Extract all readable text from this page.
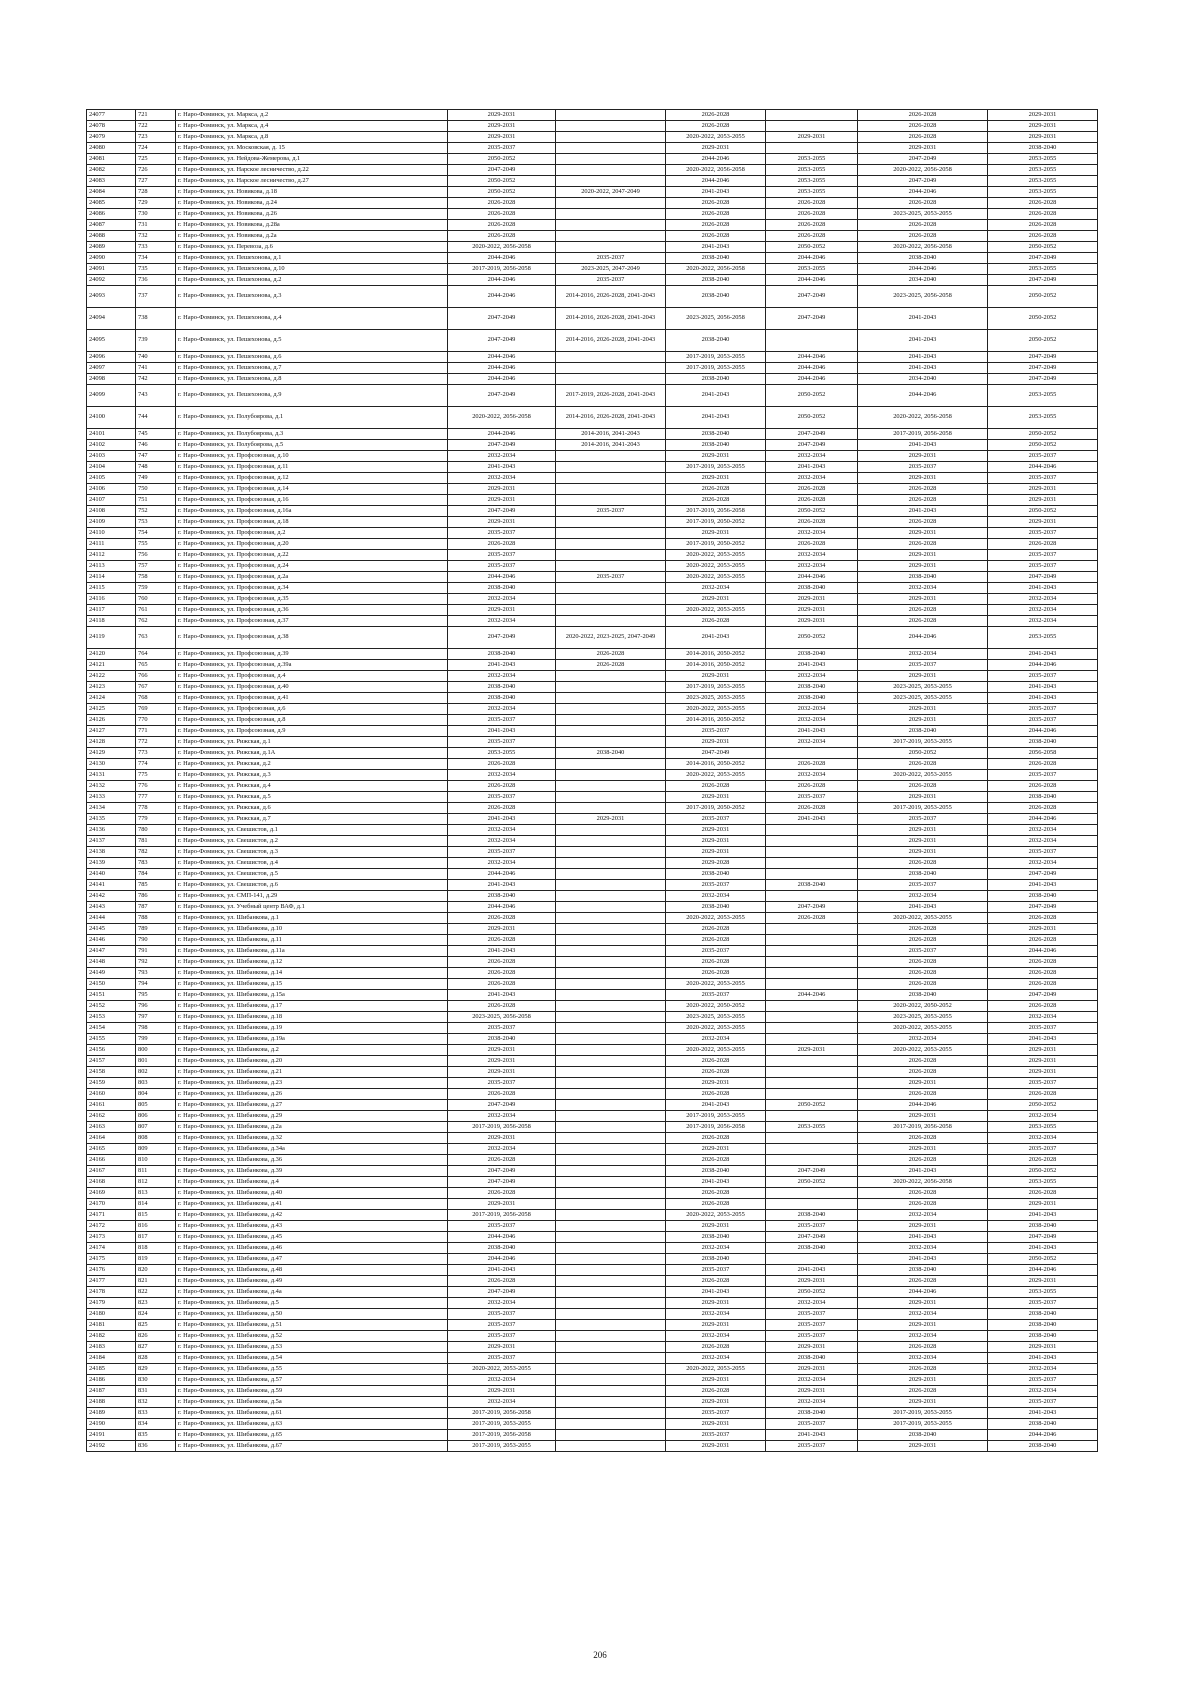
24077	721	г. Наро-Фоминск, ул. Маркса, д.2	2029-2031		2026-2028		2026-2028	2029-2031
24078	722	г. Наро-Фоминск, ул. Маркса, д.4	2029-2031		2026-2028		2026-2028	2029-2031
24079	723	г. Наро-Фоминск, ул. Маркса, д.8	2029-2031		2020-2022, 2053-2055	2029-2031	2026-2028	2029-2031
24080	724	г. Наро-Фоминск, ул. Московская, д. 15	2035-2037		2029-2031		2029-2031	2038-2040
24081	725	г. Наро-Фоминск, ул. Нейдова-Жемерова, д.1	2050-2052		2044-2046	2053-2055	2047-2049	2053-2055
24082	726	г. Наро-Фоминск, ул. Нарское лесничество, д.22	2047-2049		2020-2022, 2056-2058	2053-2055	2020-2022, 2056-2058	2053-2055
24083	727	г. Наро-Фоминск, ул. Нарское лесничество, д.27	2050-2052		2044-2046	2053-2055	2047-2049	2053-2055
24084	728	г. Наро-Фоминск, ул. Новикова, д.18	2050-2052	2020-2022, 2047-2049	2041-2043	2053-2055	2044-2046	2053-2055
24085	729	г. Наро-Фоминск, ул. Новикова, д.24	2026-2028		2026-2028	2026-2028	2026-2028	2026-2028
24086	730	г. Наро-Фоминск, ул. Новикова, д.26	2026-2028		2026-2028	2026-2028	2023-2025, 2053-2055	2026-2028
24087	731	г. Наро-Фоминск, ул. Новикова, д.28а	2026-2028		2026-2028	2026-2028	2026-2028	2026-2028
24088	732	г. Наро-Фоминск, ул. Новикова, д.2а	2026-2028		2026-2028	2026-2028	2026-2028	2026-2028
24089	733	г. Наро-Фоминск, ул. Перевоза, д.6	2020-2022, 2056-2058		2041-2043	2050-2052	2020-2022, 2056-2058	2050-2052
24090	734	г. Наро-Фоминск, ул. Пешехонова, д.1	2044-2046	2035-2037	2038-2040	2044-2046	2038-2040	2047-2049
24091	735	г. Наро-Фоминск, ул. Пешехонова, д.10	2017-2019, 2056-2058	2023-2025, 2047-2049	2020-2022, 2056-2058	2053-2055	2044-2046	2053-2055
24092	736	г. Наро-Фоминск, ул. Пешехонова, д.2	2044-2046	2035-2037	2038-2040	2044-2046	2034-2040	2047-2049
24093	737	г. Наро-Фоминск, ул. Пешехонова, д.3	2044-2046	2014-2016, 2026-2028, 2041-2043	2038-2040	2047-2049	2023-2025, 2056-2058	2050-2052
24094	738	г. Наро-Фоминск, ул. Пешехонова, д.4	2047-2049	2014-2016, 2026-2028, 2041-2043	2023-2025, 2056-2058	2047-2049	2041-2043	2050-2052
24095	739	г. Наро-Фоминск, ул. Пешехонова, д.5	2047-2049	2014-2016, 2026-2028, 2041-2043	2038-2040		2041-2043	2050-2052
24096	740	г. Наро-Фоминск, ул. Пешехонова, д.6	2044-2046		2017-2019, 2053-2055	2044-2046	2041-2043	2047-2049
24097	741	г. Наро-Фоминск, ул. Пешехонова, д.7	2044-2046		2017-2019, 2053-2055	2044-2046	2041-2043	2047-2049
24098	742	г. Наро-Фоминск, ул. Пешехонова, д.8	2044-2046		2038-2040	2044-2046	2034-2040	2047-2049
24099	743	г. Наро-Фоминск, ул. Пешехонова, д.9	2047-2049	2017-2019, 2026-2028, 2041-2043	2041-2043	2050-2052	2044-2046	2053-2055
24100	744	г. Наро-Фоминск, ул. Полубоярова, д.1	2020-2022, 2056-2058	2014-2016, 2026-2028, 2041-2043	2041-2043	2050-2052	2020-2022, 2056-2058	2053-2055
24101	745	г. Наро-Фоминск, ул. Полубоярова, д.3	2044-2046	2014-2016, 2041-2043	2038-2040	2047-2049	2017-2019, 2056-2058	2050-2052
24102	746	г. Наро-Фоминск, ул. Полубоярова, д.5	2047-2049	2014-2016, 2041-2043	2038-2040	2047-2049	2041-2043	2050-2052
24103	747	г. Наро-Фоминск, ул. Профсоюзная, д.10	2032-2034		2029-2031	2032-2034	2029-2031	2035-2037
24104	748	г. Наро-Фоминск, ул. Профсоюзная, д.11	2041-2043		2017-2019, 2053-2055	2041-2043	2035-2037	2044-2046
24105	749	г. Наро-Фоминск, ул. Профсоюзная, д.12	2032-2034		2029-2031	2032-2034	2029-2031	2035-2037
24106	750	г. Наро-Фоминск, ул. Профсоюзная, д.14	2029-2031		2026-2028	2026-2028	2026-2028	2029-2031
24107	751	г. Наро-Фоминск, ул. Профсоюзная, д.16	2029-2031		2026-2028	2026-2028	2026-2028	2029-2031
24108	752	г. Наро-Фоминск, ул. Профсоюзная, д.16а	2047-2049	2035-2037	2017-2019, 2056-2058	2050-2052	2041-2043	2050-2052
24109	753	г. Наро-Фоминск, ул. Профсоюзная, д.18	2029-2031		2017-2019, 2050-2052	2026-2028	2026-2028	2029-2031
24110	754	г. Наро-Фоминск, ул. Профсоюзная, д.2	2035-2037		2029-2031	2032-2034	2029-2031	2035-2037
24111	755	г. Наро-Фоминск, ул. Профсоюзная, д.20	2026-2028		2017-2019, 2050-2052	2026-2028	2026-2028	2026-2028
24112	756	г. Наро-Фоминск, ул. Профсоюзная, д.22	2035-2037		2020-2022, 2053-2055	2032-2034	2029-2031	2035-2037
24113	757	г. Наро-Фоминск, ул. Профсоюзная, д.24	2035-2037		2020-2022, 2053-2055	2032-2034	2029-2031	2035-2037
24114	758	г. Наро-Фоминск, ул. Профсоюзная, д.2а	2044-2046	2035-2037	2020-2022, 2053-2055	2044-2046	2038-2040	2047-2049
24115	759	г. Наро-Фоминск, ул. Профсоюзная, д.34	2038-2040		2032-2034	2038-2040	2032-2034	2041-2043
24116	760	г. Наро-Фоминск, ул. Профсоюзная, д.35	2032-2034		2029-2031	2029-2031	2029-2031	2032-2034
24117	761	г. Наро-Фоминск, ул. Профсоюзная, д.36	2029-2031		2020-2022, 2053-2055	2029-2031	2026-2028	2032-2034
24118	762	г. Наро-Фоминск, ул. Профсоюзная, д.37	2032-2034		2026-2028	2029-2031	2026-2028	2032-2034
24119	763	г. Наро-Фоминск, ул. Профсоюзная, д.38	2047-2049	2020-2022, 2023-2025, 2047-2049	2041-2043	2050-2052	2044-2046	2053-2055
24120	764	г. Наро-Фоминск, ул. Профсоюзная, д.39	2038-2040	2026-2028	2014-2016, 2050-2052	2038-2040	2032-2034	2041-2043
24121	765	г. Наро-Фоминск, ул. Профсоюзная, д.39а	2041-2043	2026-2028	2014-2016, 2050-2052	2041-2043	2035-2037	2044-2046
24122	766	г. Наро-Фоминск, ул. Профсоюзная, д.4	2032-2034		2029-2031	2032-2034	2029-2031	2035-2037
24123	767	г. Наро-Фоминск, ул. Профсоюзная, д.40	2038-2040		2017-2019, 2053-2055	2038-2040	2023-2025, 2053-2055	2041-2043
24124	768	г. Наро-Фоминск, ул. Профсоюзная, д.41	2038-2040		2023-2025, 2053-2055	2038-2040	2023-2025, 2053-2055	2041-2043
24125	769	г. Наро-Фоминск, ул. Профсоюзная, д.6	2032-2034		2020-2022, 2053-2055	2032-2034	2029-2031	2035-2037
24126	770	г. Наро-Фоминск, ул. Профсоюзная, д.8	2035-2037		2014-2016, 2050-2052	2032-2034	2029-2031	2035-2037
24127	771	г. Наро-Фоминск, ул. Профсоюзная, д.9	2041-2043		2035-2037	2041-2043	2038-2040	2044-2046
24128	772	г. Наро-Фоминск, ул. Рижская, д.1	2035-2037		2029-2031	2032-2034	2017-2019, 2053-2055	2038-2040
24129	773	г. Наро-Фоминск, ул. Рижская, д.1А	2053-2055	2038-2040	2047-2049		2050-2052	2056-2058
24130	774	г. Наро-Фоминск, ул. Рижская, д.2	2026-2028		2014-2016, 2050-2052	2026-2028	2026-2028	2026-2028
24131	775	г. Наро-Фоминск, ул. Рижская, д.3	2032-2034		2020-2022, 2053-2055	2032-2034	2020-2022, 2053-2055	2035-2037
24132	776	г. Наро-Фоминск, ул. Рижская, д.4	2026-2028		2026-2028	2026-2028	2026-2028	2026-2028
24133	777	г. Наро-Фоминск, ул. Рижская, д.5	2035-2037		2029-2031	2035-2037	2029-2031	2038-2040
24134	778	г. Наро-Фоминск, ул. Рижская, д.6	2026-2028		2017-2019, 2050-2052	2026-2028	2017-2019, 2053-2055	2026-2028
24135	779	г. Наро-Фоминск, ул. Рижская, д.7	2041-2043	2029-2031	2035-2037	2041-2043	2035-2037	2044-2046
24136	780	г. Наро-Фоминск, ул. Свешистов, д.1	2032-2034		2029-2031		2029-2031	2032-2034
24137	781	г. Наро-Фоминск, ул. Свешистов, д.2	2032-2034		2029-2031		2029-2031	2032-2034
24138	782	г. Наро-Фоминск, ул. Свешистов, д.3	2035-2037		2029-2031		2029-2031	2035-2037
24139	783	г. Наро-Фоминск, ул. Свешистов, д.4	2032-2034		2029-2028		2026-2028	2032-2034
24140	784	г. Наро-Фоминск, ул. Свешистов, д.5	2044-2046		2038-2040		2038-2040	2047-2049
24141	785	г. Наро-Фоминск, ул. Свешистов, д.6	2041-2043		2035-2037	2038-2040	2035-2037	2041-2043
24142	786	г. Наро-Фоминск, ул. СМП-141, д.29	2038-2040		2032-2034		2032-2034	2038-2040
24143	787	г. Наро-Фоминск, ул. Учебный центр ВАФ, д.1	2044-2046		2038-2040	2047-2049	2041-2043	2047-2049
24144	788	г. Наро-Фоминск, ул. Шибанкова, д.1	2026-2028		2020-2022, 2053-2055	2026-2028	2020-2022, 2053-2055	2026-2028
24145	789	г. Наро-Фоминск, ул. Шибанкова, д.10	2029-2031		2026-2028		2026-2028	2029-2031
24146	790	г. Наро-Фоминск, ул. Шибанкова, д.11	2026-2028		2026-2028		2026-2028	2026-2028
24147	791	г. Наро-Фоминск, ул. Шибанкова, д.11а	2041-2043		2035-2037		2035-2037	2044-2046
24148	792	г. Наро-Фоминск, ул. Шибанкова, д.12	2026-2028		2026-2028		2026-2028	2026-2028
24149	793	г. Наро-Фоминск, ул. Шибанкова, д.14	2026-2028		2026-2028		2026-2028	2026-2028
24150	794	г. Наро-Фоминск, ул. Шибанкова, д.15	2026-2028		2020-2022, 2053-2055		2026-2028	2026-2028
24151	795	г. Наро-Фоминск, ул. Шибанкова, д.15а	2041-2043		2035-2037	2044-2046	2038-2040	2047-2049
24152	796	г. Наро-Фоминск, ул. Шибанкова, д.17	2026-2028		2020-2022, 2050-2052		2020-2022, 2050-2052	2026-2028
24153	797	г. Наро-Фоминск, ул. Шибанкова, д.18	2023-2025, 2056-2058		2023-2025, 2053-2055		2023-2025, 2053-2055	2032-2034
24154	798	г. Наро-Фоминск, ул. Шибанкова, д.19	2035-2037		2020-2022, 2053-2055		2020-2022, 2053-2055	2035-2037
24155	799	г. Наро-Фоминск, ул. Шибанкова, д.19а	2038-2040		2032-2034		2032-2034	2041-2043
24156	800	г. Наро-Фоминск, ул. Шибанкова, д.2	2029-2031		2020-2022, 2053-2055	2029-2031	2020-2022, 2053-2055	2029-2031
24157	801	г. Наро-Фоминск, ул. Шибанкова, д.20	2029-2031		2026-2028		2026-2028	2029-2031
24158	802	г. Наро-Фоминск, ул. Шибанкова, д.21	2029-2031		2026-2028		2026-2028	2029-2031
24159	803	г. Наро-Фоминск, ул. Шибанкова, д.23	2035-2037		2029-2031		2029-2031	2035-2037
24160	804	г. Наро-Фоминск, ул. Шибанкова, д.26	2026-2028		2026-2028		2026-2028	2026-2028
24161	805	г. Наро-Фоминск, ул. Шибанкова, д.27	2047-2049		2041-2043	2050-2052	2044-2046	2050-2052
24162	806	г. Наро-Фоминск, ул. Шибанкова, д.29	2032-2034		2017-2019, 2053-2055		2029-2031	2032-2034
24163	807	г. Наро-Фоминск, ул. Шибанкова, д.2а	2017-2019, 2056-2058		2017-2019, 2056-2058	2053-2055	2017-2019, 2056-2058	2053-2055
24164	808	г. Наро-Фоминск, ул. Шибанкова, д.32	2029-2031		2026-2028		2026-2028	2032-2034
24165	809	г. Наро-Фоминск, ул. Шибанкова, д.34а	2032-2034		2029-2031		2029-2031	2035-2037
24166	810	г. Наро-Фоминск, ул. Шибанкова, д.36	2026-2028		2026-2028		2026-2028	2026-2028
24167	811	г. Наро-Фоминск, ул. Шибанкова, д.39	2047-2049		2038-2040	2047-2049	2041-2043	2050-2052
24168	812	г. Наро-Фоминск, ул. Шибанкова, д.4	2047-2049		2041-2043	2050-2052	2020-2022, 2056-2058	2053-2055
24169	813	г. Наро-Фоминск, ул. Шибанкова, д.40	2026-2028		2026-2028		2026-2028	2026-2028
24170	814	г. Наро-Фоминск, ул. Шибанкова, д.41	2029-2031		2026-2028		2026-2028	2029-2031
24171	815	г. Наро-Фоминск, ул. Шибанкова, д.42	2017-2019, 2056-2058		2020-2022, 2053-2055	2038-2040	2032-2034	2041-2043
24172	816	г. Наро-Фоминск, ул. Шибанкова, д.43	2035-2037		2029-2031	2035-2037	2029-2031	2038-2040
24173	817	г. Наро-Фоминск, ул. Шибанкова, д.45	2044-2046		2038-2040	2047-2049	2041-2043	2047-2049
24174	818	г. Наро-Фоминск, ул. Шибанкова, д.46	2038-2040		2032-2034	2038-2040	2032-2034	2041-2043
24175	819	г. Наро-Фоминск, ул. Шибанкова, д.47	2044-2046		2038-2040		2041-2043	2050-2052
24176	820	г. Наро-Фоминск, ул. Шибанкова, д.48	2041-2043		2035-2037	2041-2043	2038-2040	2044-2046
24177	821	г. Наро-Фоминск, ул. Шибанкова, д.49	2026-2028		2026-2028	2029-2031	2026-2028	2029-2031
24178	822	г. Наро-Фоминск, ул. Шибанкова, д.4а	2047-2049		2041-2043	2050-2052	2044-2046	2053-2055
24179	823	г. Наро-Фоминск, ул. Шибанкова, д.5	2032-2034		2029-2031	2032-2034	2029-2031	2035-2037
24180	824	г. Наро-Фоминск, ул. Шибанкова, д.50	2035-2037		2032-2034	2035-2037	2032-2034	2038-2040
24181	825	г. Наро-Фоминск, ул. Шибанкова, д.51	2035-2037		2029-2031	2035-2037	2029-2031	2038-2040
24182	826	г. Наро-Фоминск, ул. Шибанкова, д.52	2035-2037		2032-2034	2035-2037	2032-2034	2038-2040
24183	827	г. Наро-Фоминск, ул. Шибанкова, д.53	2029-2031		2026-2028	2029-2031	2026-2028	2029-2031
24184	828	г. Наро-Фоминск, ул. Шибанкова, д.54	2035-2037		2032-2034	2038-2040	2032-2034	2041-2043
24185	829	г. Наро-Фоминск, ул. Шибанкова, д.55	2020-2022, 2053-2055		2020-2022, 2053-2055	2029-2031	2026-2028	2032-2034
24186	830	г. Наро-Фоминск, ул. Шибанкова, д.57	2032-2034		2029-2031	2032-2034	2029-2031	2035-2037
24187	831	г. Наро-Фоминск, ул. Шибанкова, д.59	2029-2031		2026-2028	2029-2031	2026-2028	2032-2034
24188	832	г. Наро-Фоминск, ул. Шибанкова, д.5а	2032-2034		2029-2031	2032-2034	2029-2031	2035-2037
24189	833	г. Наро-Фоминск, ул. Шибанкова, д.61	2017-2019, 2056-2058		2035-2037	2038-2040	2017-2019, 2053-2055	2041-2043
24190	834	г. Наро-Фоминск, ул. Шибанкова, д.63	2017-2019, 2053-2055		2029-2031	2035-2037	2017-2019, 2053-2055	2038-2040
24191	835	г. Наро-Фоминск, ул. Шибанкова, д.65	2017-2019, 2056-2058		2035-2037	2041-2043	2038-2040	2044-2046
24192	836	г. Наро-Фоминск, ул. Шибанкова, д.67	2017-2019, 2053-2055		2029-2031	2035-2037	2029-2031	2038-2040
206
